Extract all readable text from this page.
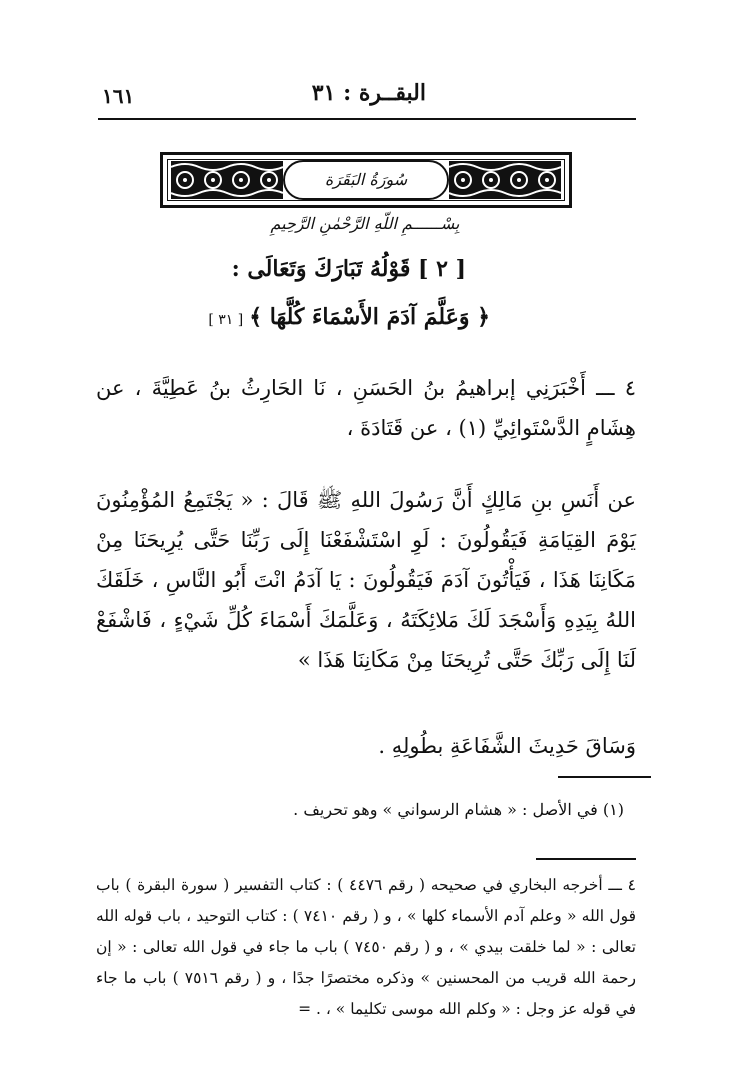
١٦١	البقــرة : ٣١
سُورَةُ البَقَرَة
بِسْــــــمِ اللّهِ الرَّحْمٰنِ الرَّحِيمِ
[ ٢ ] قَوْلُهُ تَبَارَكَ وَتَعَالَى :
﴿ وَعَلَّمَ آدَمَ الأَسْمَاءَ كُلَّهَا ﴾[ ٣١ ]
٤ ـــ أَخْبَرَنِي إبراهيمُ بنُ الحَسَنِ ، نَا الحَارِثُ بنُ عَطِيَّةَ ، عن هِشَامٍ الدَّسْتَوائِيِّ (١) ، عن قَتَادَةَ ،
عن أَنَسِ بنِ مَالِكٍ أَنَّ رَسُولَ اللهِ ﷺ قَالَ : « يَجْتَمِعُ المُؤْمِنُونَ يَوْمَ القِيَامَةِ فَيَقُولُونَ : لَوِ اسْتَشْفَعْنَا إِلَى رَبِّنَا حَتَّى يُرِيحَنَا مِنْ مَكَانِنَا هَذَا ، فَيَأْتُونَ آدَمَ فَيَقُولُونَ : يَا آدَمُ انْتَ أَبُو النَّاسِ ، خَلَقَكَ اللهُ بِيَدِهِ وَأَسْجَدَ لَكَ مَلائِكَتَهُ ، وَعَلَّمَكَ أَسْمَاءَ كُلِّ شَيْءٍ ، فَاشْفَعْ لَنَا إِلَى رَبِّكَ حَتَّى تُرِيحَنَا مِنْ مَكَانِنَا هَذَا »
وَسَاقَ حَدِيثَ الشَّفَاعَةِ بطُولِهِ .
(١) في الأصل : « هشام الرسواني » وهو تحريف .
٤ ـــ أخرجه البخاري في صحيحه ( رقم ٤٤٧٦ ) : كتاب التفسير ( سورة البقرة ) باب قول الله « وعلم آدم الأسماء كلها » ، و ( رقم ٧٤١٠ ) : كتاب التوحيد ، باب قوله الله تعالى : « لما خلقت بيدي » ، و ( رقم ٧٤٥٠ ) باب ما جاء في قول الله تعالى : « إن رحمة الله قريب من المحسنين » وذكره مختصرًا جدًا ، و ( رقم ٧٥١٦ ) باب ما جاء في قوله عز وجل : « وكلم الله موسى تكليما » ، . =
